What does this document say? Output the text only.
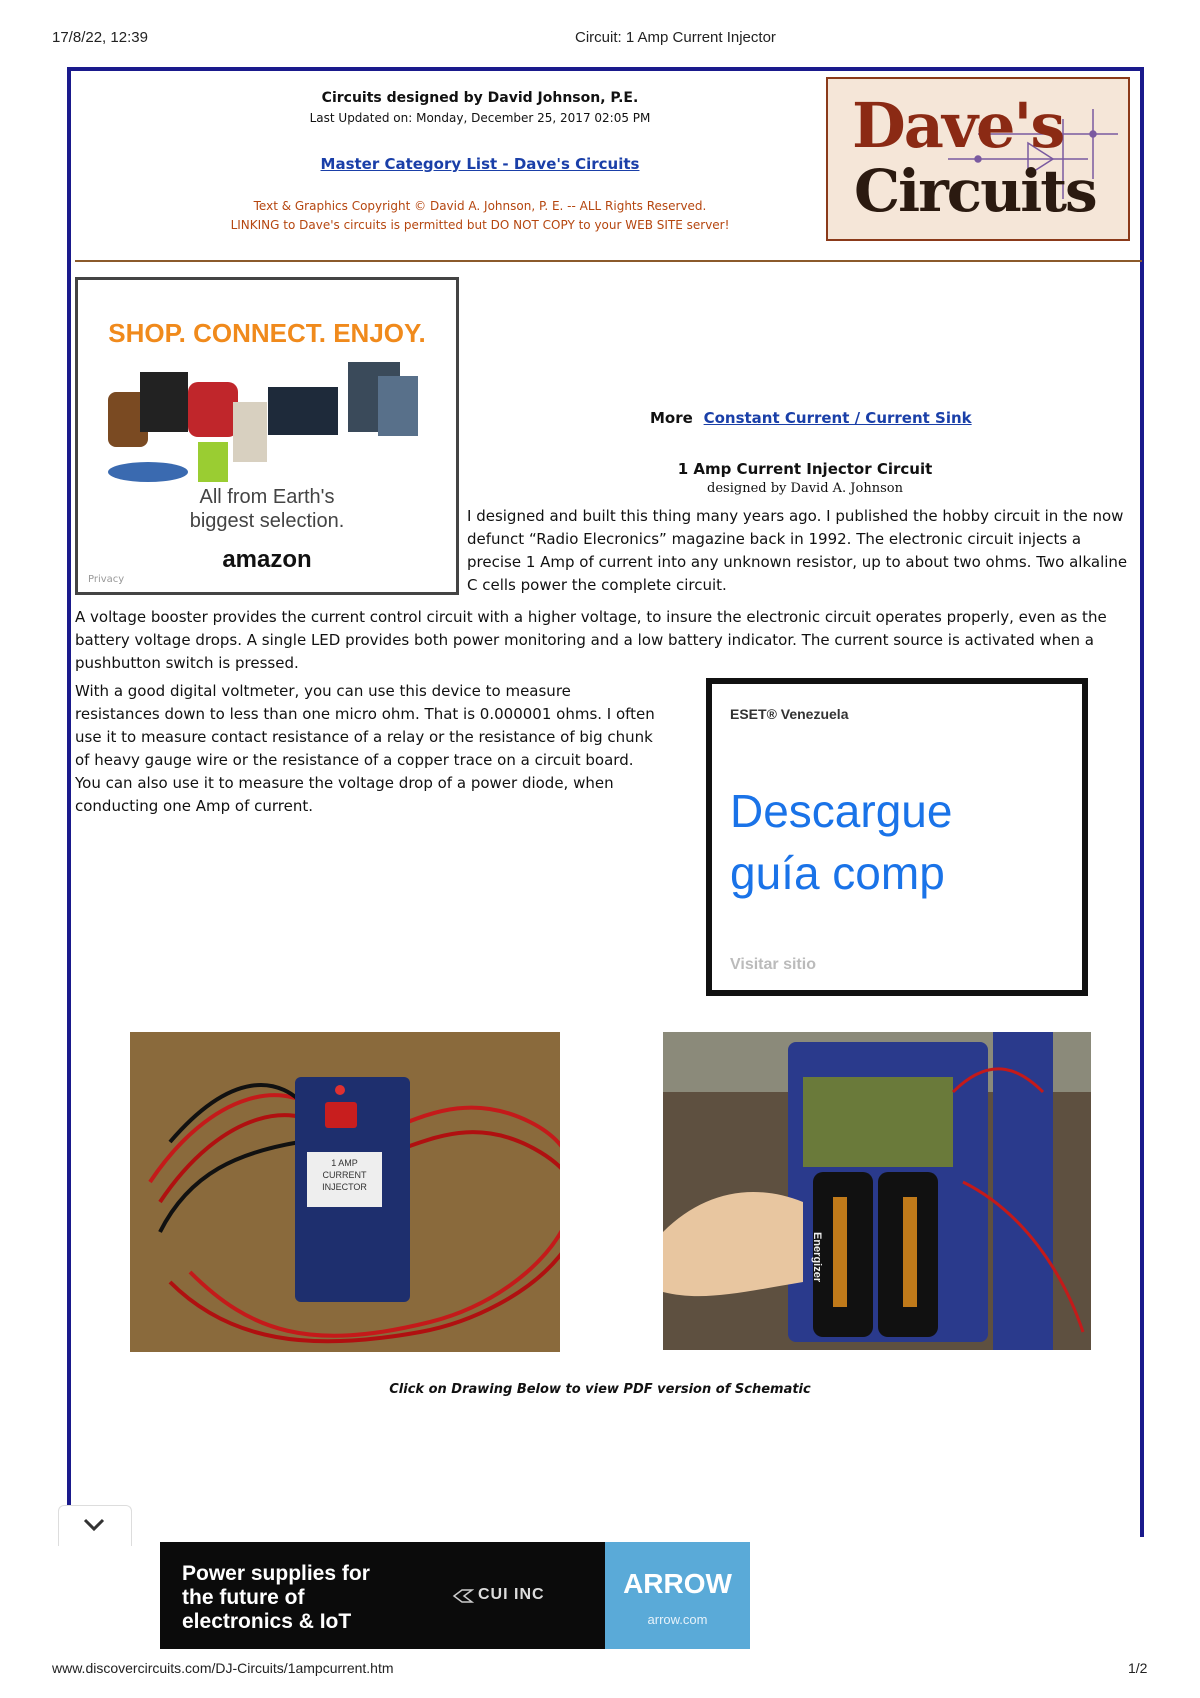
17/8/22, 12:39	Circuit: 1 Amp Current Injector
Circuits designed by David Johnson, P.E.
Last Updated on: Monday, December 25, 2017 02:05 PM
Master Category List - Dave's Circuits
Text & Graphics Copyright © David A. Johnson, P. E. -- ALL Rights Reserved.
LINKING to Dave's circuits is permitted but DO NOT COPY to your WEB SITE server!
Dave's
Circuits
SHOP. CONNECT. ENJOY.
All from Earth's
biggest selection.
amazon
Privacy
More Constant Current / Current Sink
1 Amp Current Injector Circuit
designed by David A. Johnson
I designed and built this thing many years ago. I published the hobby circuit in the now defunct “Radio Elecronics” magazine back in 1992. The electronic circuit injects a precise 1 Amp of current into any unknown resistor, up to about two ohms. Two alkaline C cells power the complete circuit.
A voltage booster provides the current control circuit with a higher voltage, to insure the electronic circuit operates properly, even as the battery voltage drops. A single LED provides both power monitoring and a low battery indicator. The current source is activated when a pushbutton switch is pressed.
With a good digital voltmeter, you can use this device to measure resistances down to less than one micro ohm. That is 0.000001 ohms. I often use it to measure contact resistance of a relay or the resistance of big chunk of heavy gauge wire or the resistance of a copper trace on a circuit board. You can also use it to measure the voltage drop of a power diode, when conducting one Amp of current.
ESET® Venezuela
Descargue
guía comp
Visitar sitio
1 AMP
CURRENT
INJECTOR
Energizer
Click on Drawing Below to view PDF version of Schematic
Power supplies for
the future of
electronics & IoT
CUI INC	ARROW
arrow.com
www.discovercircuits.com/DJ-Circuits/1ampcurrent.htm	1/2
